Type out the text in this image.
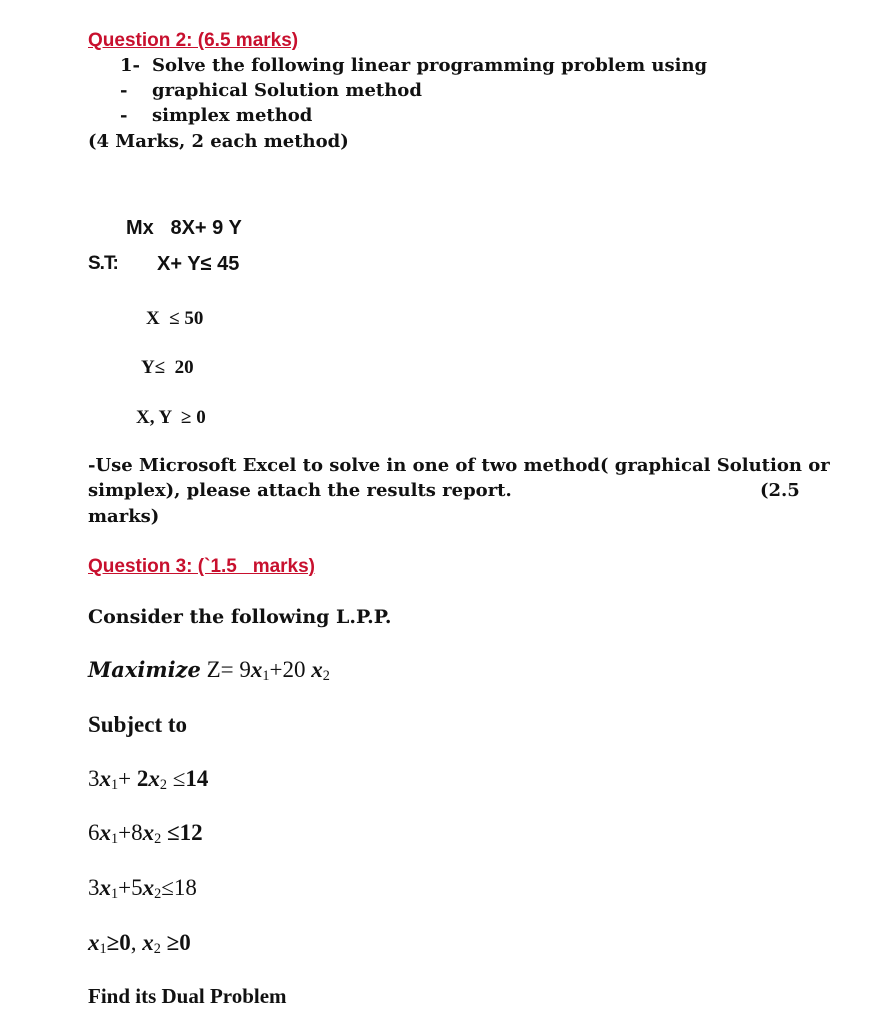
Question 2: (6.5 marks)
1- Solve the following linear programming problem using
- graphical Solution method
- simplex method
(4 Marks, 2 each method)
Mx   8X+ 9 Y
S.T: X+ Y≤ 45
X  ≤ 50
Y≤  20
X, Y  ≥ 0
-Use Microsoft Excel to solve in one of two method( graphical Solution or
simplex), please attach the results report.	(2.5
marks)
Question 3: (`1.5   marks)
Consider the following L.P.P.
Maximize $Z= 9x_1+20$ $x_2$
Subject to
$3x_1+ 2x_2 \le 14$
$6x_1+8x_2 \le 12$
$3x_1+5x_2\le 18$
$x_1\ge 0$, $x_2 \ge 0$
Find its Dual Problem
